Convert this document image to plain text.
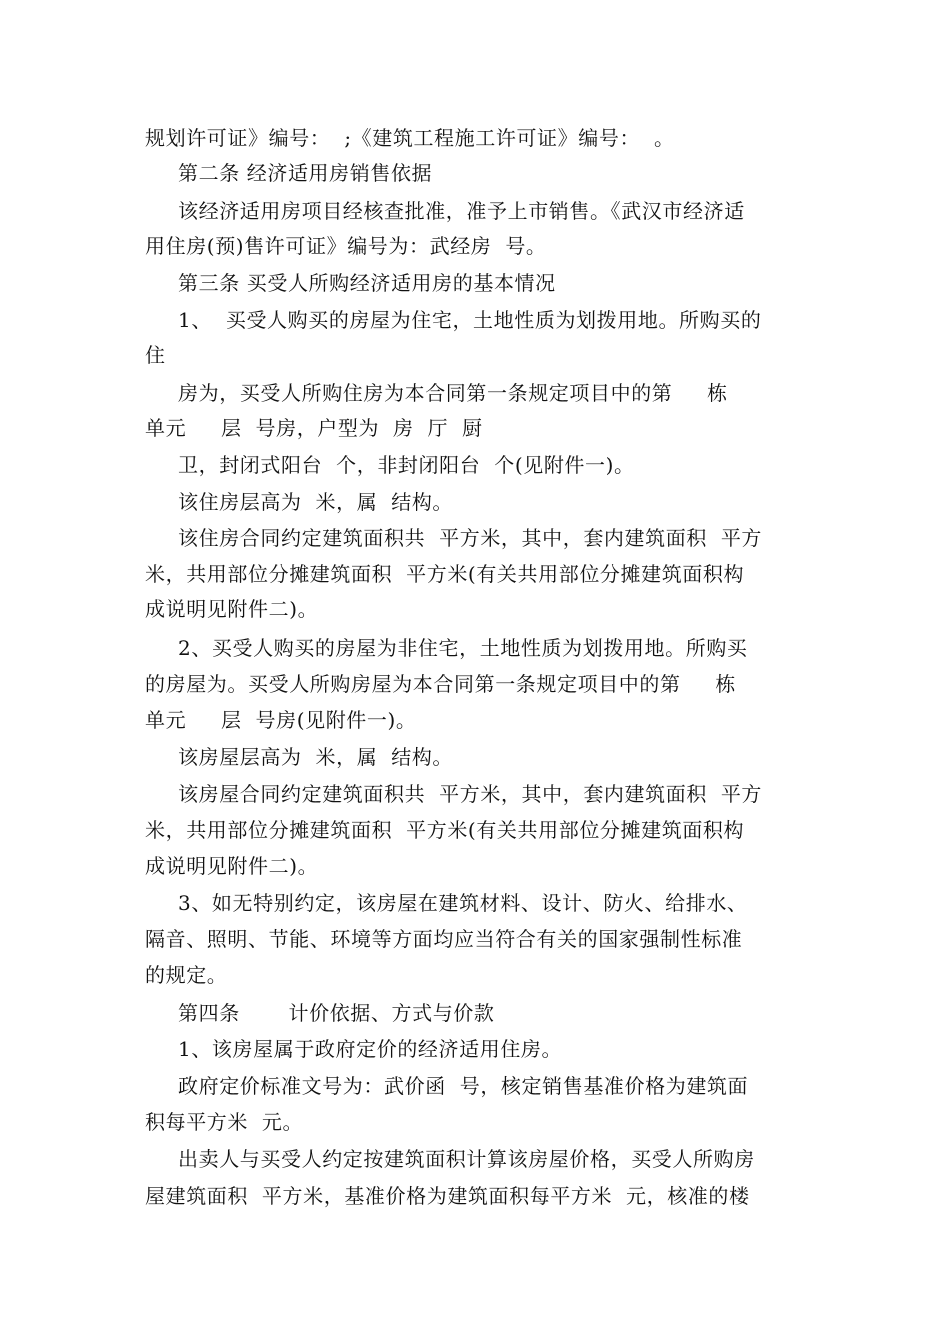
规划许可证》编号：  ;《建筑工程施工许可证》编号：  。
第二条 经济适用房销售依据
该经济适用房项目经核查批准，准予上市销售。《武汉市经济适
用住房(预)售许可证》编号为：武经房  号。
第三条 买受人所购经济适用房的基本情况
1、  买受人购买的房屋为住宅，土地性质为划拨用地。所购买的
住
房为，买受人所购住房为本合同第一条规定项目中的第     栋
单元     层  号房，户型为  房  厅  厨
卫，封闭式阳台  个，非封闭阳台  个(见附件一)。
该住房层高为  米，属  结构。
该住房合同约定建筑面积共  平方米，其中，套内建筑面积  平方
米，共用部位分摊建筑面积  平方米(有关共用部位分摊建筑面积构
成说明见附件二)。
2、买受人购买的房屋为非住宅，土地性质为划拨用地。所购买
的房屋为。买受人所购房屋为本合同第一条规定项目中的第     栋
单元     层  号房(见附件一)。
该房屋层高为  米，属  结构。
该房屋合同约定建筑面积共  平方米，其中，套内建筑面积  平方
米，共用部位分摊建筑面积  平方米(有关共用部位分摊建筑面积构
成说明见附件二)。
3、如无特别约定，该房屋在建筑材料、设计、防火、给排水、
隔音、照明、节能、环境等方面均应当符合有关的国家强制性标准
的规定。
第四条       计价依据、方式与价款
1、该房屋属于政府定价的经济适用住房。
政府定价标准文号为：武价函  号，核定销售基准价格为建筑面
积每平方米  元。
出卖人与买受人约定按建筑面积计算该房屋价格，买受人所购房
屋建筑面积  平方米，基准价格为建筑面积每平方米  元，核准的楼
